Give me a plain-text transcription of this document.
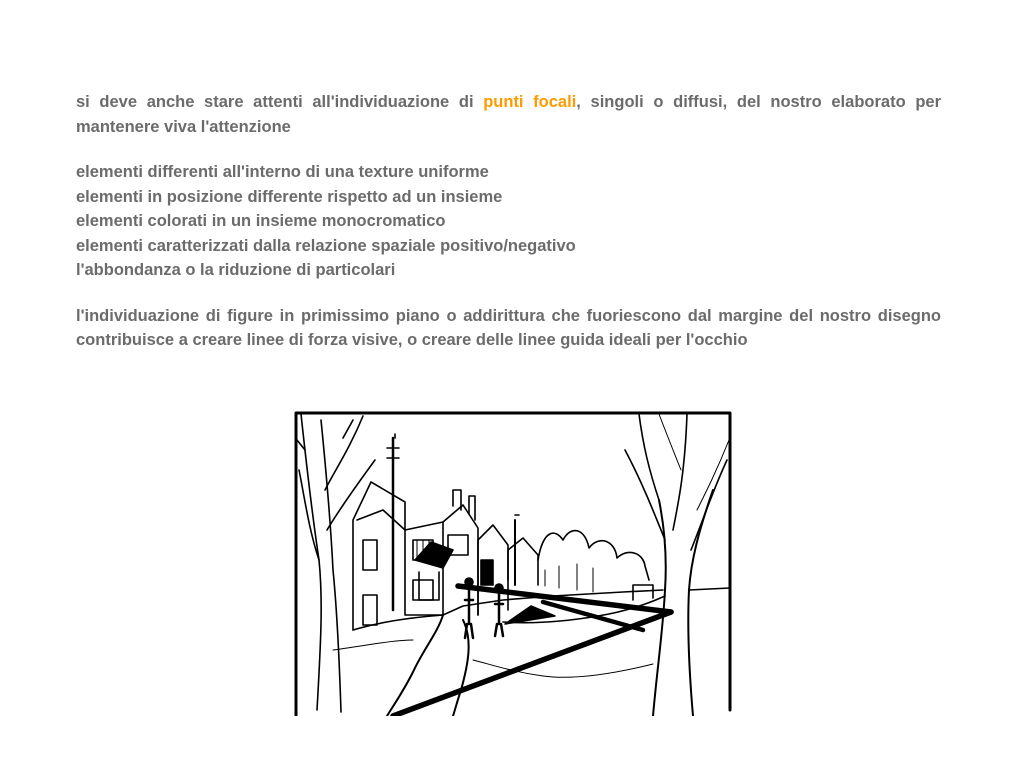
si deve anche stare attenti all'individuazione di punti focali, singoli o diffusi, del nostro elaborato per mantenere viva l'attenzione

elementi differenti all'interno di una texture uniforme
elementi in posizione differente rispetto ad un insieme
elementi colorati in un insieme monocromatico
elementi caratterizzati dalla relazione spaziale positivo/negativo
l'abbondanza o la riduzione di particolari

l'individuazione di figure in primissimo piano o addirittura che fuoriescono dal margine del nostro disegno contribuisce a creare linee di forza visive, o creare delle linee guida ideali per l'occhio
